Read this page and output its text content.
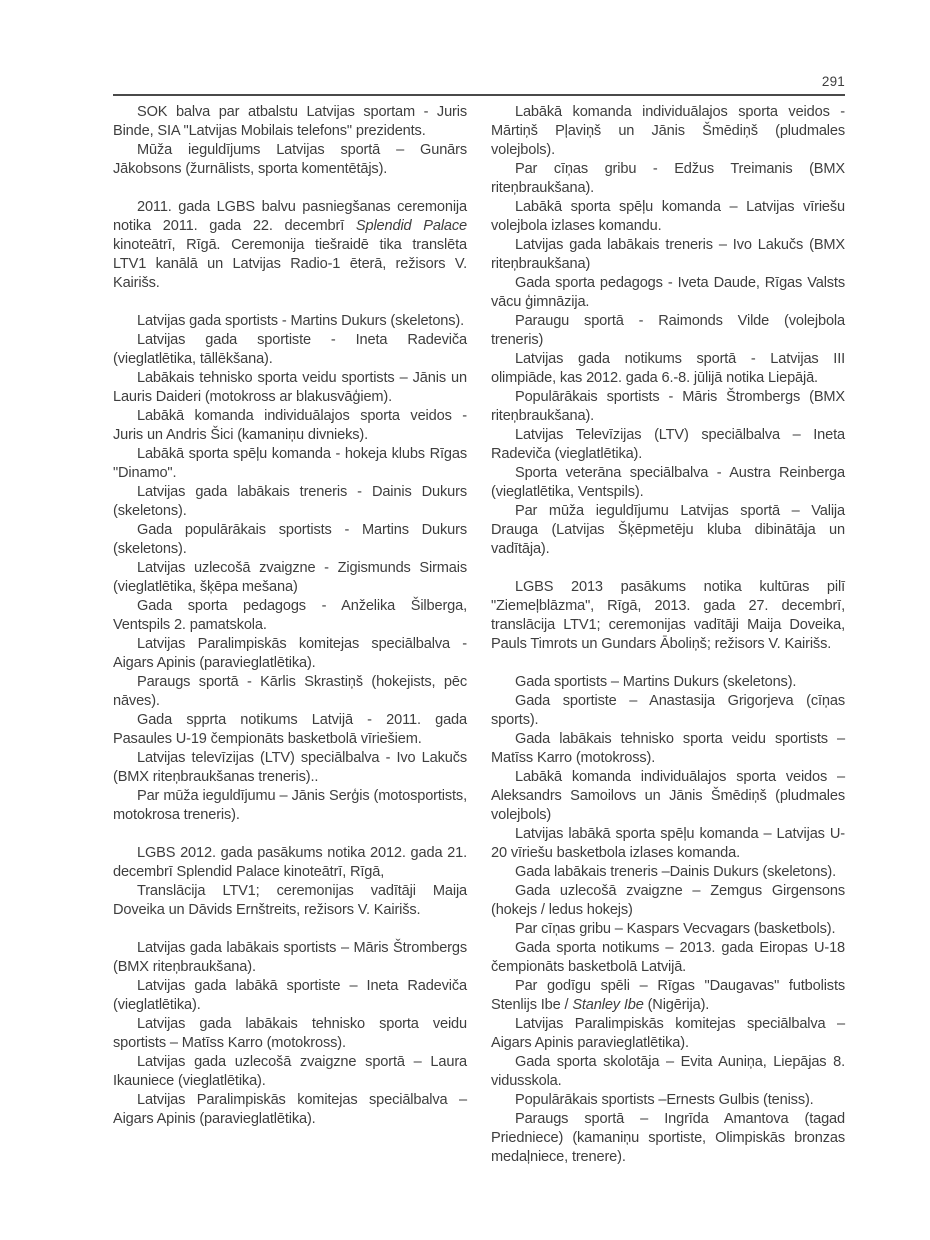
291

SOK balva par atbalstu Latvijas sportam - Juris Binde, SIA "Latvijas Mobilais telefons" prezidents.

Mūža ieguldījums Latvijas sportā – Gunārs Jākobsons (žurnālists, sporta komentētājs).

2011. gada LGBS balvu pasniegšanas ceremonija notika 2011. gada 22. decembrī Splendid Palace kinoteātrī, Rīgā. Ceremonija tiešraidē tika translēta LTV1 kanālā un Latvijas Radio-1 ēterā, režisors V. Kairišs.

Latvijas gada sportists - Martins Dukurs (skeletons).

Latvijas gada sportiste - Ineta Radeviča (vieglatlētika, tāllēkšana).

Labākais tehnisko sporta veidu sportists – Jānis un Lauris Daideri (motokross ar blakusvāģiem).

Labākā komanda individuālajos sporta veidos - Juris un Andris Šici (kamaniņu divnieks).

Labākā sporta spēļu komanda - hokeja klubs Rīgas "Dinamo".

Latvijas gada labākais treneris - Dainis Dukurs (skeletons).

Gada populārākais sportists - Martins Dukurs (skeletons).

Latvijas uzlecošā zvaigzne - Zigismunds Sirmais (vieglatlētika, šķēpa mešana)

Gada sporta pedagogs - Anželika Šilberga, Ventspils 2. pamatskola.

Latvijas Paralimpiskās komitejas speciālbalva - Aigars Apinis (paravieglatlētika).

Paraugs sportā - Kārlis Skrastiņš (hokejists, pēc nāves).

Gada spprta notikums Latvijā - 2011. gada Pasaules U-19 čempionāts basketbolā vīriešiem.

Latvijas televīzijas (LTV) speciālbalva - Ivo Lakučs (BMX riteņbraukšanas treneris)..

Par mūža ieguldījumu – Jānis Serģis (motosportists, motokrosa treneris).

LGBS 2012. gada pasākums notika 2012. gada 21. decembrī Splendid Palace kinoteātrī, Rīgā,

Translācija LTV1; ceremonijas vadītāji Maija Doveika un Dāvids Ernštreits, režisors V. Kairišs.

Latvijas gada labākais sportists – Māris Štrombergs (BMX riteņbraukšana).

Latvijas gada labākā sportiste – Ineta Radeviča (vieglatlētika).

Latvijas gada labākais tehnisko sporta veidu sportists – Matīss Karro (motokross).

Latvijas gada uzlecošā zvaigzne sportā – Laura Ikauniece (vieglatlētika).

Latvijas Paralimpiskās komitejas speciālbalva – Aigars Apinis (paravieglatlētika).

Labākā komanda individuālajos sporta veidos - Mārtiņš Pļaviņš un Jānis Šmēdiņš (pludmales volejbols).

Par cīņas gribu - Edžus Treimanis (BMX riteņbraukšana).

Labākā sporta spēļu komanda – Latvijas vīriešu volejbola izlases komandu.

Latvijas gada labākais treneris – Ivo Lakučs (BMX riteņbraukšana)

Gada sporta pedagogs - Iveta Daude, Rīgas Valsts vācu ģimnāzija.

Paraugu sportā - Raimonds Vilde (volejbola treneris)

Latvijas gada notikums sportā - Latvijas III olimpiāde, kas 2012. gada 6.-8. jūlijā notika Liepājā.

Populārākais sportists - Māris Štrombergs (BMX riteņbraukšana).

Latvijas Televīzijas (LTV) speciālbalva – Ineta Radeviča (vieglatlētika).

Sporta veterāna speciālbalva - Austra Reinberga (vieglatlētika, Ventspils).

Par mūža ieguldījumu Latvijas sportā – Valija Drauga (Latvijas Šķēpmetēju kluba dibinātāja un vadītāja).

LGBS 2013 pasākums notika kultūras pilī "Ziemeļblāzma", Rīgā, 2013. gada 27. decembrī, translācija LTV1; ceremonijas vadītāji Maija Doveika, Pauls Timrots un Gundars Āboliņš; režisors V. Kairišs.

Gada sportists – Martins Dukurs (skeletons).

Gada sportiste – Anastasija Grigorjeva (cīņas sports).

Gada labākais tehnisko sporta veidu sportists – Matīss Karro (motokross).

Labākā komanda individuālajos sporta veidos – Aleksandrs Samoilovs un Jānis Šmēdiņš (pludmales volejbols)

Latvijas labākā sporta spēļu komanda – Latvijas U-20 vīriešu basketbola izlases komanda.

Gada labākais treneris –Dainis Dukurs (skeletons).

Gada uzlecošā zvaigzne – Zemgus Girgensons (hokejs / ledus hokejs)

Par cīņas gribu – Kaspars Vecvagars (basketbols).

Gada sporta notikums – 2013. gada Eiropas U-18 čempionāts basketbolā Latvijā.

Par godīgu spēli – Rīgas "Daugavas" futbolists Stenlijs Ibe / Stanley Ibe (Nigērija).

Latvijas Paralimpiskās komitejas speciālbalva – Aigars Apinis paravieglatlētika).

Gada sporta skolotāja – Evita Auniņa, Liepājas 8. vidusskola.

Populārākais sportists –Ernests Gulbis (teniss).

Paraugs sportā – Ingrīda Amantova (tagad Priedniece) (kamaniņu sportiste, Olimpiskās bronzas medaļniece, trenere).
